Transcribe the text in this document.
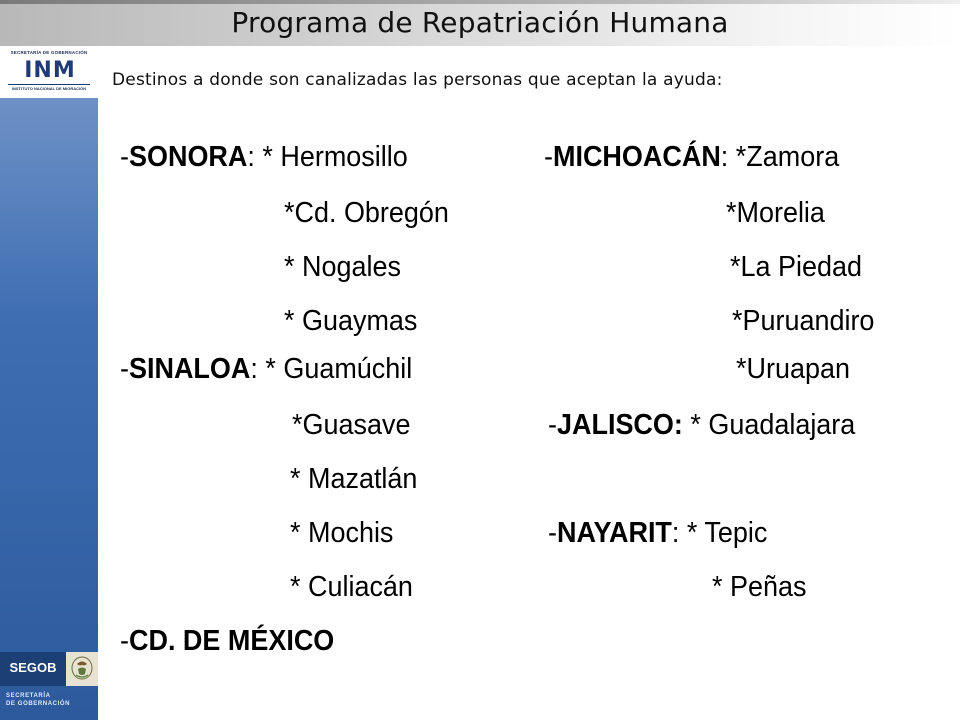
Programa de Repatriación Humana
SECRETARÍA DE GOBERNACIÓN
INM
INSTITUTO NACIONAL DE MIGRACIÓN
SEGOB
SECRETARÍA
DE GOBERNACIÓN
Destinos a donde son canalizadas las personas que aceptan la ayuda:
-SONORA: * Hermosillo
*Cd. Obregón
* Nogales
* Guaymas
-SINALOA: * Guamúchil
*Guasave
* Mazatlán
* Mochis
* Culiacán
-CD. DE MÉXICO
-MICHOACÁN: *Zamora
*Morelia
*La Piedad
*Puruandiro
*Uruapan
-JALISCO: * Guadalajara
-NAYARIT: * Tepic
* Peñas
